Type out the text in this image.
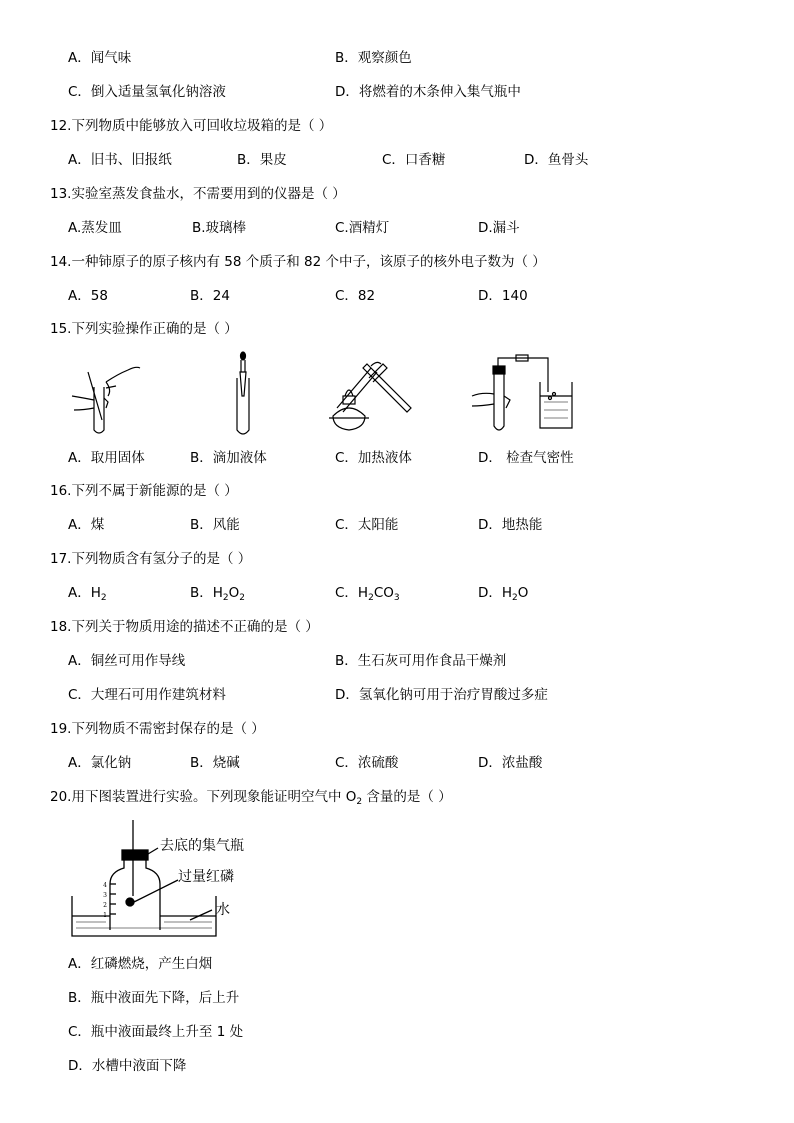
A．闻气味	B．观察颜色
C．倒入适量氢氧化钠溶液	D．将燃着的木条伸入集气瓶中
12.下列物质中能够放入可回收垃圾箱的是（ ）
A．旧书、旧报纸	B．果皮	C．口香糖	D．鱼骨头
13.实验室蒸发食盐水，不需要用到的仪器是（ ）
A.蒸发皿	B.玻璃棒	C.酒精灯	D.漏斗
14.一种铈原子的原子核内有 58 个质子和 82 个中子，该原子的核外电子数为（ ）
A．58	B．24	C．82	D．140
15.下列实验操作正确的是（ ）
A．取用固体	B．滴加液体	C．加热液体	D． 检查气密性
16.下列不属于新能源的是（ ）
A．煤	B．风能	C．太阳能	D．地热能
17.下列物质含有氢分子的是（ ）
A．$H_2$	B．$H_2O_2$	C．$H_2CO_3$	D．$H_2O$
18.下列关于物质用途的描述不正确的是（ ）
A．铜丝可用作导线	B．生石灰可用作食品干燥剂
C．大理石可用作建筑材料	D．氢氧化钠可用于治疗胃酸过多症
19.下列物质不需密封保存的是（ ）
A．氯化钠	B．烧碱	C．浓硫酸	D．浓盐酸
20.用下图装置进行实验。下列现象能证明空气中 $O_2$ 含量的是（ ）
4
3
2
1
去底的集气瓶
过量红磷
水
A．红磷燃烧，产生白烟
B．瓶中液面先下降，后上升
C．瓶中液面最终上升至 1 处
D．水槽中液面下降
